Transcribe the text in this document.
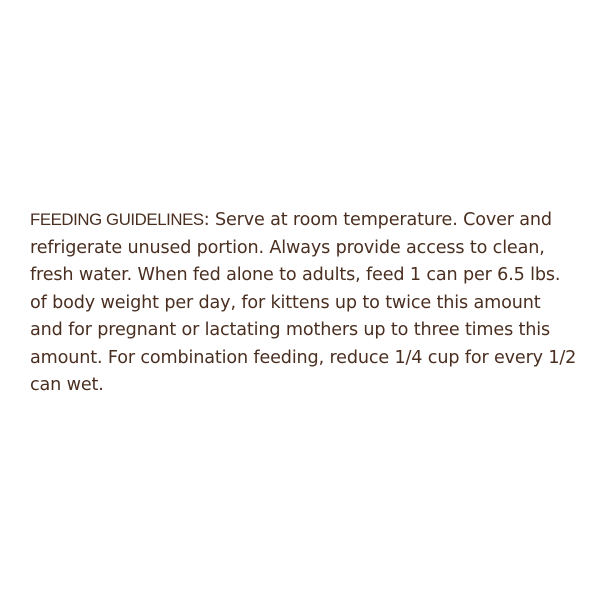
FEEDING GUIDELINES: Serve at room temperature. Cover and refrigerate unused portion. Always provide access to clean, fresh water. When fed alone to adults, feed 1 can per 6.5 lbs. of body weight per day, for kittens up to twice this amount and for pregnant or lactating mothers up to three times this amount. For combination feeding, reduce 1/4 cup for every 1/2 can wet.
